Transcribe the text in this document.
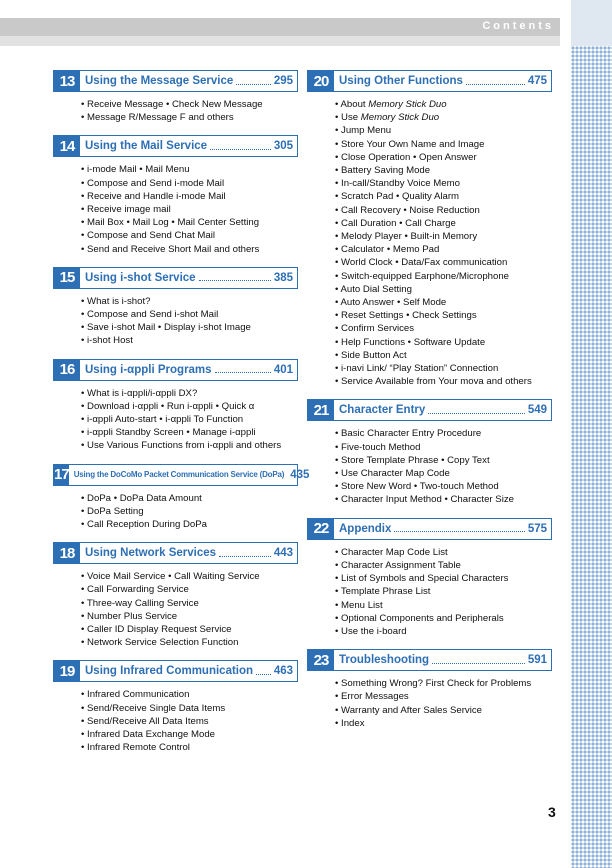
Contents
13 Using the Message Service	295
• Receive Message • Check New Message
• Message R/Message F and others
14 Using the Mail Service	305
• i-mode Mail • Mail Menu
• Compose and Send i-mode Mail
• Receive and Handle i-mode Mail
• Receive image mail
• Mail Box • Mail Log • Mail Center Setting
• Compose and Send Chat Mail
• Send and Receive Short Mail and others
15 Using i-shot Service	385
• What is i-shot?
• Compose and Send i-shot Mail
• Save i-shot Mail • Display i-shot Image
• i-shot Host
16 Using i-αppli Programs	401
• What is i-αppli/i-αppli DX?
• Download i-αppli • Run i-αppli • Quick α
• i-αppli Auto-start • i-αppli To Function
• i-αppli Standby Screen • Manage i-αppli
• Use Various Functions from i-αppli and others
17 Using the DoCoMo Packet Communication Service (DoPa) 435
• DoPa • DoPa Data Amount
• DoPa Setting
• Call Reception During DoPa
18 Using Network Services	443
• Voice Mail Service • Call Waiting Service
• Call Forwarding Service
• Three-way Calling Service
• Number Plus Service
• Caller ID Display Request Service
• Network Service Selection Function
19 Using Infrared Communication 463
• Infrared Communication
• Send/Receive Single Data Items
• Send/Receive All Data Items
• Infrared Data Exchange Mode
• Infrared Remote Control
20 Using Other Functions	475
• About Memory Stick Duo
• Use Memory Stick Duo
• Jump Menu
• Store Your Own Name and Image
• Close Operation • Open Answer
• Battery Saving Mode
• In-call/Standby Voice Memo
• Scratch Pad • Quality Alarm
• Call Recovery • Noise Reduction
• Call Duration • Call Charge
• Melody Player • Built-in Memory
• Calculator • Memo Pad
• World Clock • Data/Fax communication
• Switch-equipped Earphone/Microphone
• Auto Dial Setting
• Auto Answer • Self Mode
• Reset Settings • Check Settings
• Confirm Services
• Help Functions • Software Update
• Side Button Act
• i-navi Link/ “Play Station” Connection
• Service Available from Your mova and others
21 Character Entry	549
• Basic Character Entry Procedure
• Five-touch Method
• Store Template Phrase • Copy Text
• Use Character Map Code
• Store New Word • Two-touch Method
• Character Input Method • Character Size
22 Appendix	575
• Character Map Code List
• Character Assignment Table
• List of Symbols and Special Characters
• Template Phrase List
• Menu List
• Optional Components and Peripherals
• Use the i-board
23 Troubleshooting	591
• Something Wrong? First Check for Problems
• Error Messages
• Warranty and After Sales Service
• Index
3
